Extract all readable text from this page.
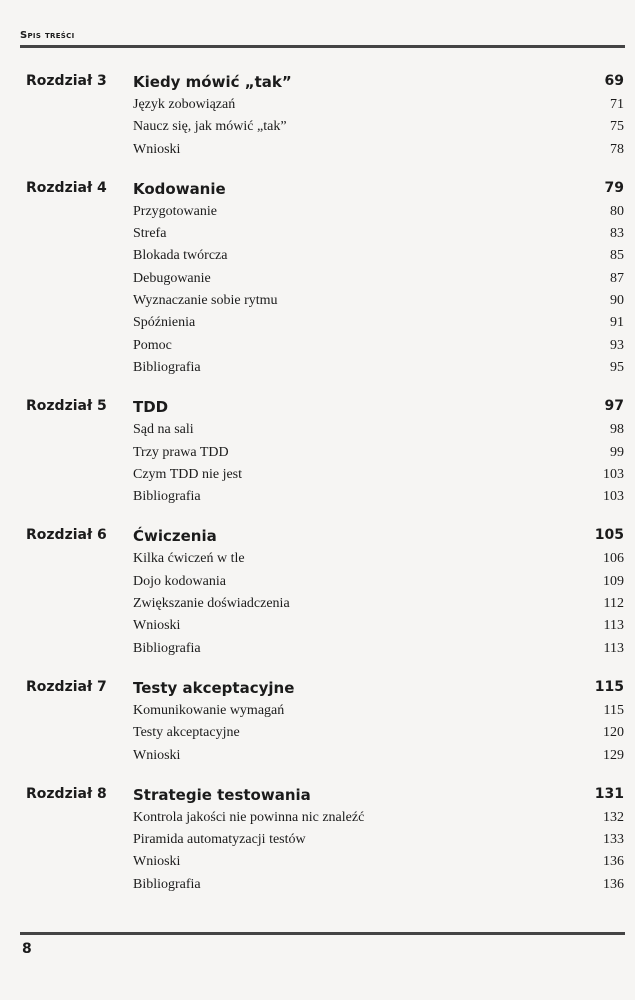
Spis treści
Rozdział 3 Kiedy mówić „tak”	69
Język zobowiązań	71
Naucz się, jak mówić „tak”	75
Wnioski	78
Rozdział 4 Kodowanie	79
Przygotowanie	80
Strefa	83
Blokada twórcza	85
Debugowanie	87
Wyznaczanie sobie rytmu	90
Spóźnienia	91
Pomoc	93
Bibliografia	95
Rozdział 5 TDD	97
Sąd na sali	98
Trzy prawa TDD	99
Czym TDD nie jest	103
Bibliografia	103
Rozdział 6 Ćwiczenia	105
Kilka ćwiczeń w tle	106
Dojo kodowania	109
Zwiększanie doświadczenia	112
Wnioski	113
Bibliografia	113
Rozdział 7 Testy akceptacyjne	115
Komunikowanie wymagań	115
Testy akceptacyjne	120
Wnioski	129
Rozdział 8 Strategie testowania	131
Kontrola jakości nie powinna nic znaleźć	132
Piramida automatyzacji testów	133
Wnioski	136
Bibliografia	136
8
